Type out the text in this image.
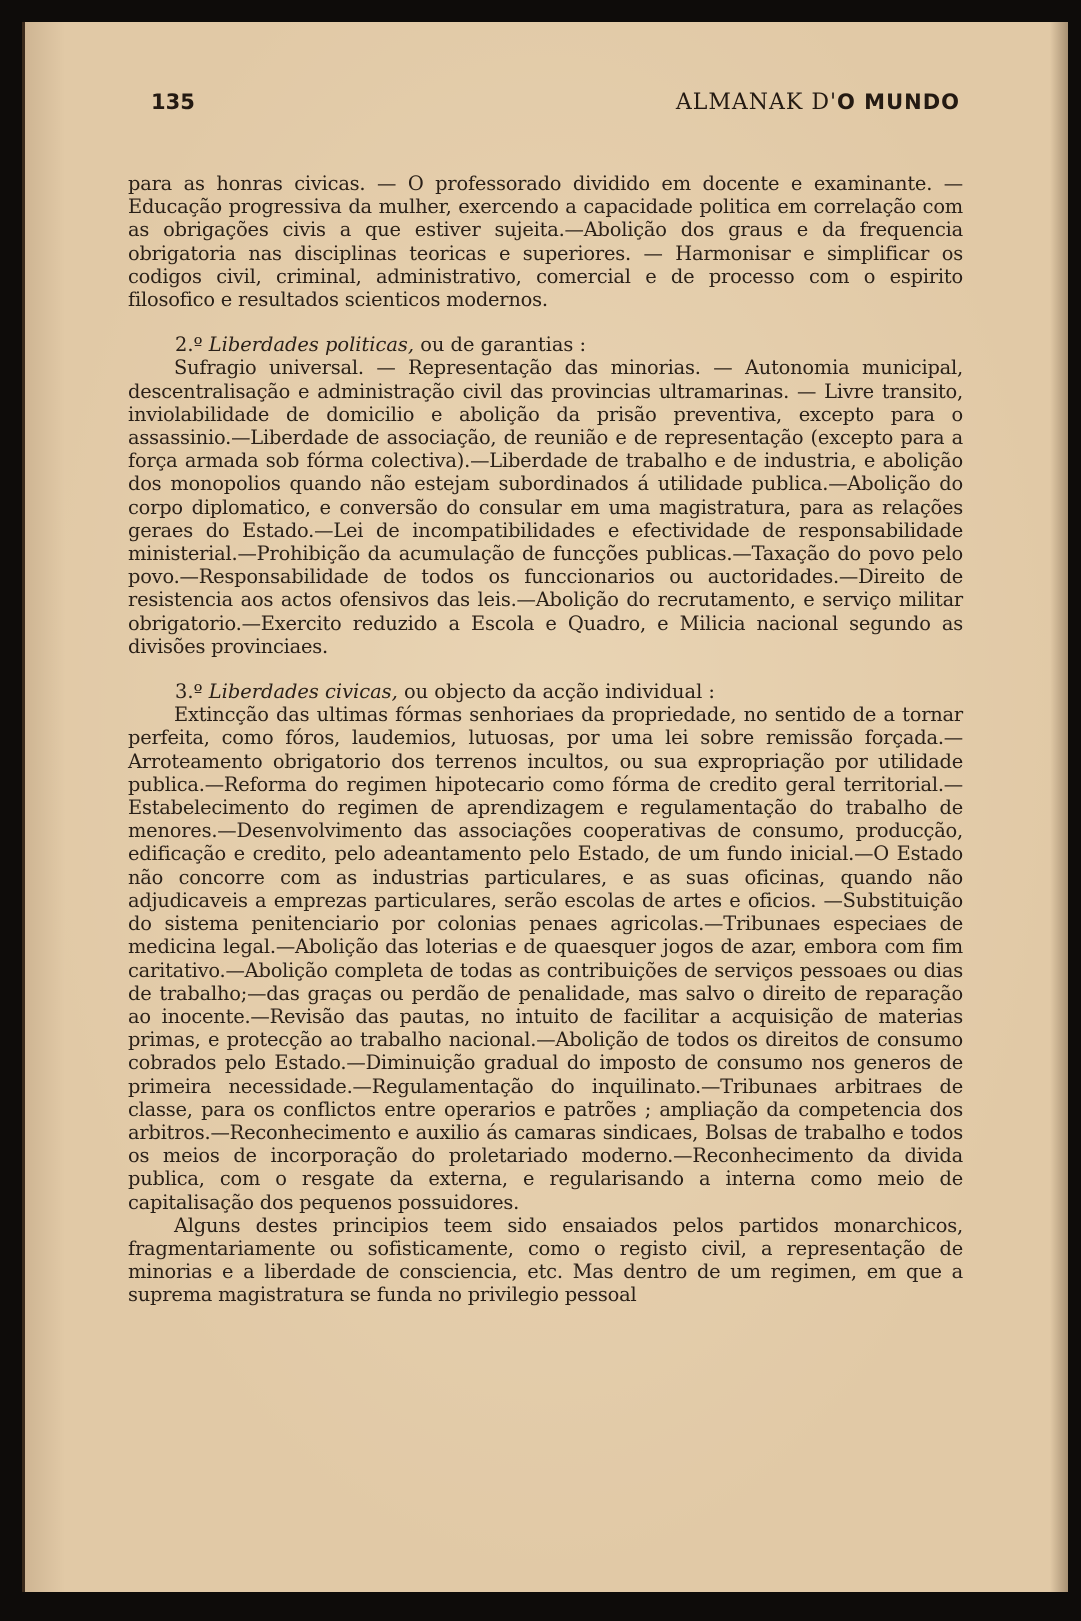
135	ALMANAK D'O MUNDO

para as honras civicas. — O professorado dividido em docente e examinante. — Educação progressiva da mulher, exercendo a capacidade politica em correlação com as obrigações civis a que estiver sujeita.—Abolição dos graus e da frequencia obrigatoria nas disciplinas teoricas e superiores. — Harmonisar e simplificar os codigos civil, criminal, administrativo, comercial e de processo com o espirito filosofico e resultados scienticos modernos.

2.º Liberdades politicas, ou de garantias :

Sufragio universal. — Representação das minorias. — Autonomia municipal, descentralisação e administração civil das provincias ultramarinas. — Livre transito, inviolabilidade de domicilio e abolição da prisão preventiva, excepto para o assassinio.—Liberdade de associação, de reunião e de representação (excepto para a força armada sob fórma colectiva).—Liberdade de trabalho e de industria, e abolição dos monopolios quando não estejam subordinados á utilidade publica.—Abolição do corpo diplomatico, e conversão do consular em uma magistratura, para as relações geraes do Estado.—Lei de incompatibilidades e efectividade de responsabilidade ministerial.—Prohibição da acumulação de funcções publicas.—Taxação do povo pelo povo.—Responsabilidade de todos os funccionarios ou auctoridades.—Direito de resistencia aos actos ofensivos das leis.—Abolição do recrutamento, e serviço militar obrigatorio.—Exercito reduzido a Escola e Quadro, e Milicia nacional segundo as divisões provinciaes.

3.º Liberdades civicas, ou objecto da acção individual :

Extincção das ultimas fórmas senhoriaes da propriedade, no sentido de a tornar perfeita, como fóros, laudemios, lutuosas, por uma lei sobre remissão forçada.—Arroteamento obrigatorio dos terrenos incultos, ou sua expropriação por utilidade publica.—Reforma do regimen hipotecario como fórma de credito geral territorial.—Estabelecimento do regimen de aprendizagem e regulamentação do trabalho de menores.—Desenvolvimento das associações cooperativas de consumo, producção, edificação e credito, pelo adeantamento pelo Estado, de um fundo inicial.—O Estado não concorre com as industrias particulares, e as suas oficinas, quando não adjudicaveis a emprezas particulares, serão escolas de artes e oficios. —Substituição do sistema penitenciario por colonias penaes agricolas.—Tribunaes especiaes de medicina legal.—Abolição das loterias e de quaesquer jogos de azar, embora com fim caritativo.—Abolição completa de todas as contribuições de serviços pessoaes ou dias de trabalho;—das graças ou perdão de penalidade, mas salvo o direito de reparação ao inocente.—Revisão das pautas, no intuito de facilitar a acquisição de materias primas, e protecção ao trabalho nacional.—Abolição de todos os direitos de consumo cobrados pelo Estado.—Diminuição gradual do imposto de consumo nos generos de primeira necessidade.—Regulamentação do inquilinato.—Tribunaes arbitraes de classe, para os conflictos entre operarios e patrões ; ampliação da competencia dos arbitros.—Reconhecimento e auxilio ás camaras sindicaes, Bolsas de trabalho e todos os meios de incorporação do proletariado moderno.—Reconhecimento da divida publica, com o resgate da externa, e regularisando a interna como meio de capitalisação dos pequenos possuidores.

Alguns destes principios teem sido ensaiados pelos partidos monarchicos, fragmentariamente ou sofisticamente, como o registo civil, a representação de minorias e a liberdade de consciencia, etc. Mas dentro de um regimen, em que a suprema magistratura se funda no privilegio pessoal
